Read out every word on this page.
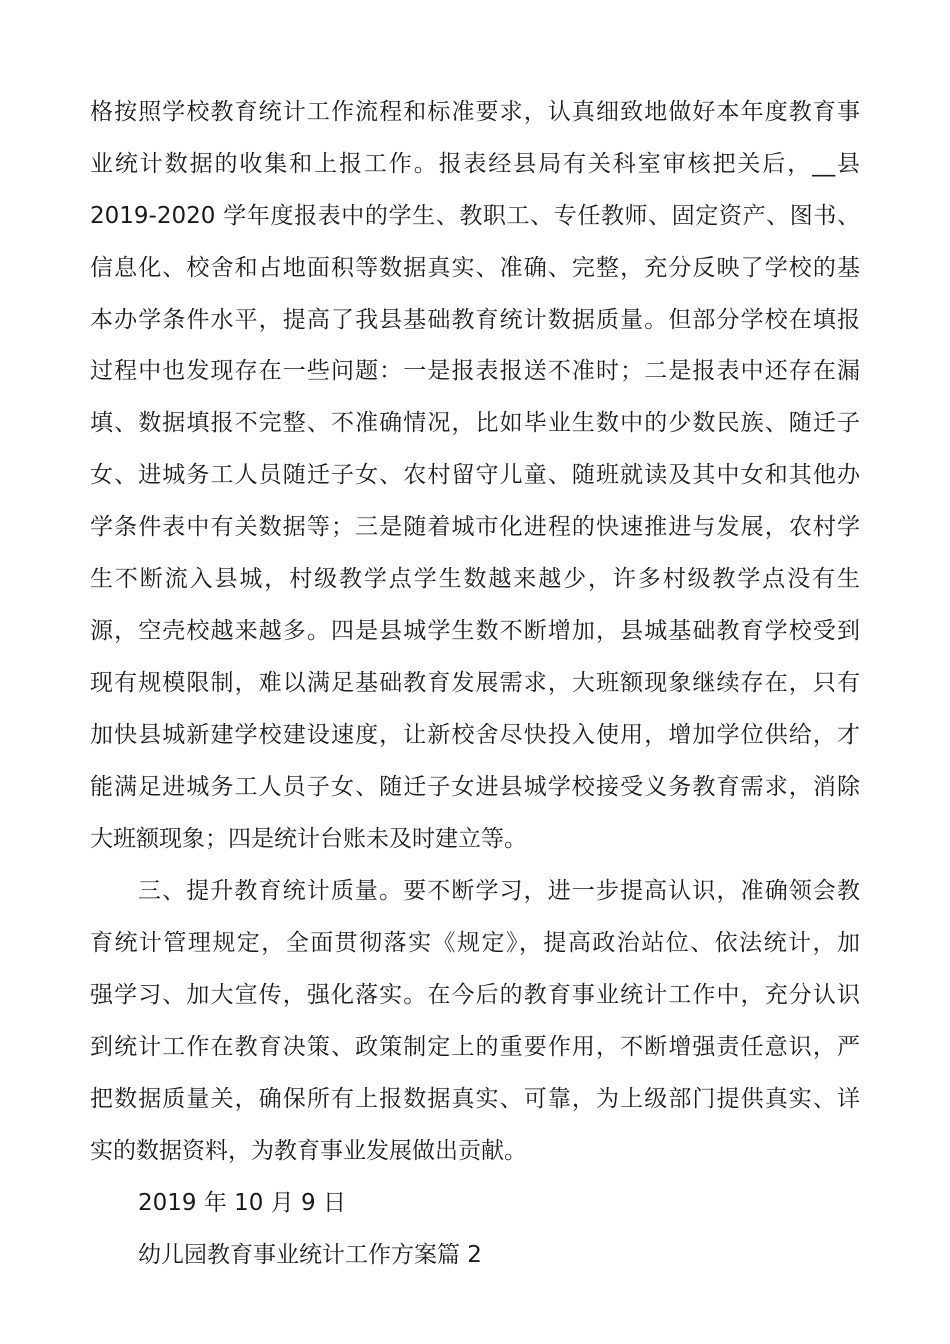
格按照学校教育统计工作流程和标准要求，认真细致地做好本年度教育事
业统计数据的收集和上报工作。报表经县局有关科室审核把关后，__县
2019-2020 学年度报表中的学生、教职工、专任教师、固定资产、图书、
信息化、校舍和占地面积等数据真实、准确、完整，充分反映了学校的基
本办学条件水平，提高了我县基础教育统计数据质量。但部分学校在填报
过程中也发现存在一些问题：一是报表报送不准时；二是报表中还存在漏
填、数据填报不完整、不准确情况，比如毕业生数中的少数民族、随迁子
女、进城务工人员随迁子女、农村留守儿童、随班就读及其中女和其他办
学条件表中有关数据等；三是随着城市化进程的快速推进与发展，农村学
生不断流入县城，村级教学点学生数越来越少，许多村级教学点没有生
源，空壳校越来越多。四是县城学生数不断增加，县城基础教育学校受到
现有规模限制，难以满足基础教育发展需求，大班额现象继续存在，只有
加快县城新建学校建设速度，让新校舍尽快投入使用，增加学位供给，才
能满足进城务工人员子女、随迁子女进县城学校接受义务教育需求，消除
大班额现象；四是统计台账未及时建立等。
三、提升教育统计质量。要不断学习，进一步提高认识，准确领会教
育统计管理规定，全面贯彻落实《规定》，提高政治站位、依法统计，加
强学习、加大宣传，强化落实。在今后的教育事业统计工作中，充分认识
到统计工作在教育决策、政策制定上的重要作用，不断增强责任意识，严
把数据质量关，确保所有上报数据真实、可靠，为上级部门提供真实、详
实的数据资料，为教育事业发展做出贡献。
2019 年 10 月 9 日
幼儿园教育事业统计工作方案篇 2
